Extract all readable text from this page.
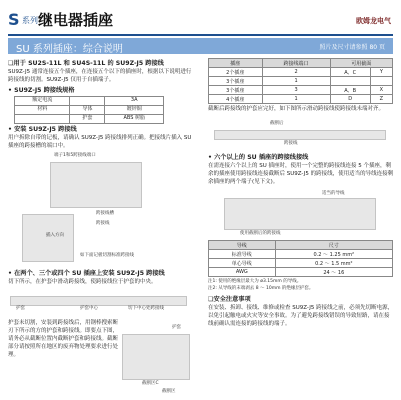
S 系列 继电器插座	欧姆龙电气
SU 系列插座：综合说明	照片及尺寸请参照 80 页
❏用于 SU2S-11L 和 SU4S-11L 的 SU9Z-J5 跨接线
SU9Z-J5 通常连接五个插座，在连接五个以下的插座时，根据以下说明进行跨接线的切割。SU9Z-J5 仅用于自插端子。
• SU9Z-J5 跨接线规格
额定电流		3A
材料	导体	镀锌铜
	护套	ABS 树脂
• 安装 SU9Z-J5 跨接线
用户拆除自带的记板，请确认 SU9Z-J5 跨接线排列正确。把接线片插入 SU 插座的跨接槽的端口中。
端子1和5跨接线端口
跨接线槽
跨接线
插入方向
如下面记板切割标准跨接线
• 在两个、三个或四个 SU 插座上安装 SU9Z-J5 跨接线
切下所示，在护套中滑动跨接线，使跨接线位于护套的中央。
护套	护套中心	切下中心处跨接线
护套未切割，安装到跨接线后，用钢棒搜索断刃下所示的方的护套和跨接线。即要点下图，请务必从截断位置内截断护套和跨接线。截断部分请按照所在地区的废弃物处理要求进行处理。
截断区C
截断区
护套
插座	跨接线端口	可用截面	
2个插座	2	A、C	Y
3个插座	1		
3个插座	3	A、B	X
4个插座	1	D	Z
截断后跨接线的护套应完好，如下图所示滑动跨接线使跨接线未端对齐。
截断后
跨接线
• 六个以上的 SU 插座的跨接线接线
在需连接六个以上的 SU 插座时，使用一个完整的跨接线连接 5 个插座，剩余的插座使用跨接线连接截断后 SU9Z-J5 的跨接线，使用适当的导线连接剩余插座的两个端子(见下文)。
适当的导线
使用截断后的跨接线
导线	尺寸
标准导线	0.2 〜 1.25 mm²
单心导线	0.2 〜 1.5 mm²
AWG	24 〜 16
注1: 使用的绝缘层最大为 ø3.15mm 的导线。
注2: 从导线的末端剥去 8 〜 10mm 的绝缘层护套。
❏安全注意事项
在安装、拆卸、接线、维修或检查 SU9Z-J5 跨接线之前，必须先切断电源，以免引起触电或火灾等安全事故。为了避免跨接线错误的导致短路，请在接线前确认需连接的跨接线的端子。
